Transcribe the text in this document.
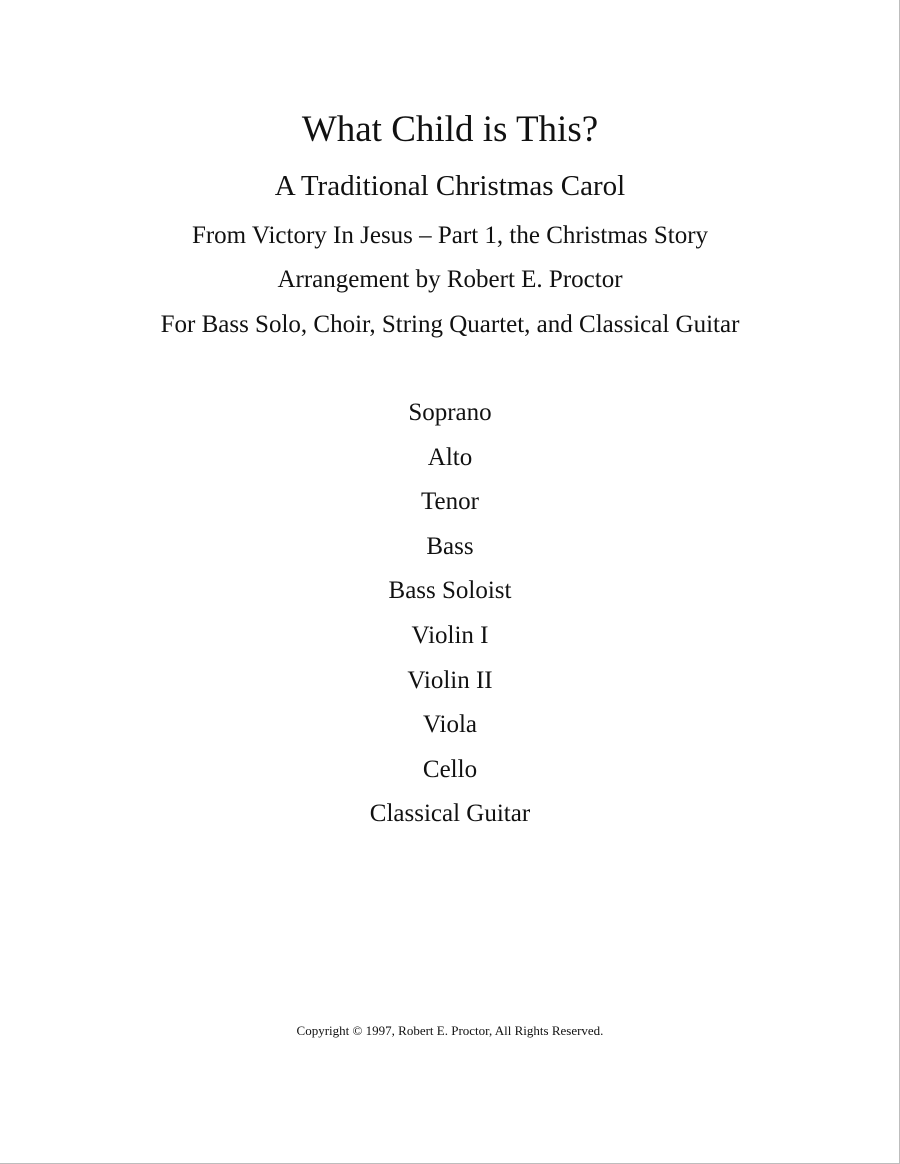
What Child is This?
A Traditional Christmas Carol
From Victory In Jesus – Part 1, the Christmas Story
Arrangement by Robert E. Proctor
For Bass Solo, Choir, String Quartet, and Classical Guitar
Soprano
Alto
Tenor
Bass
Bass Soloist
Violin I
Violin II
Viola
Cello
Classical Guitar
Copyright © 1997, Robert E. Proctor, All Rights Reserved.
